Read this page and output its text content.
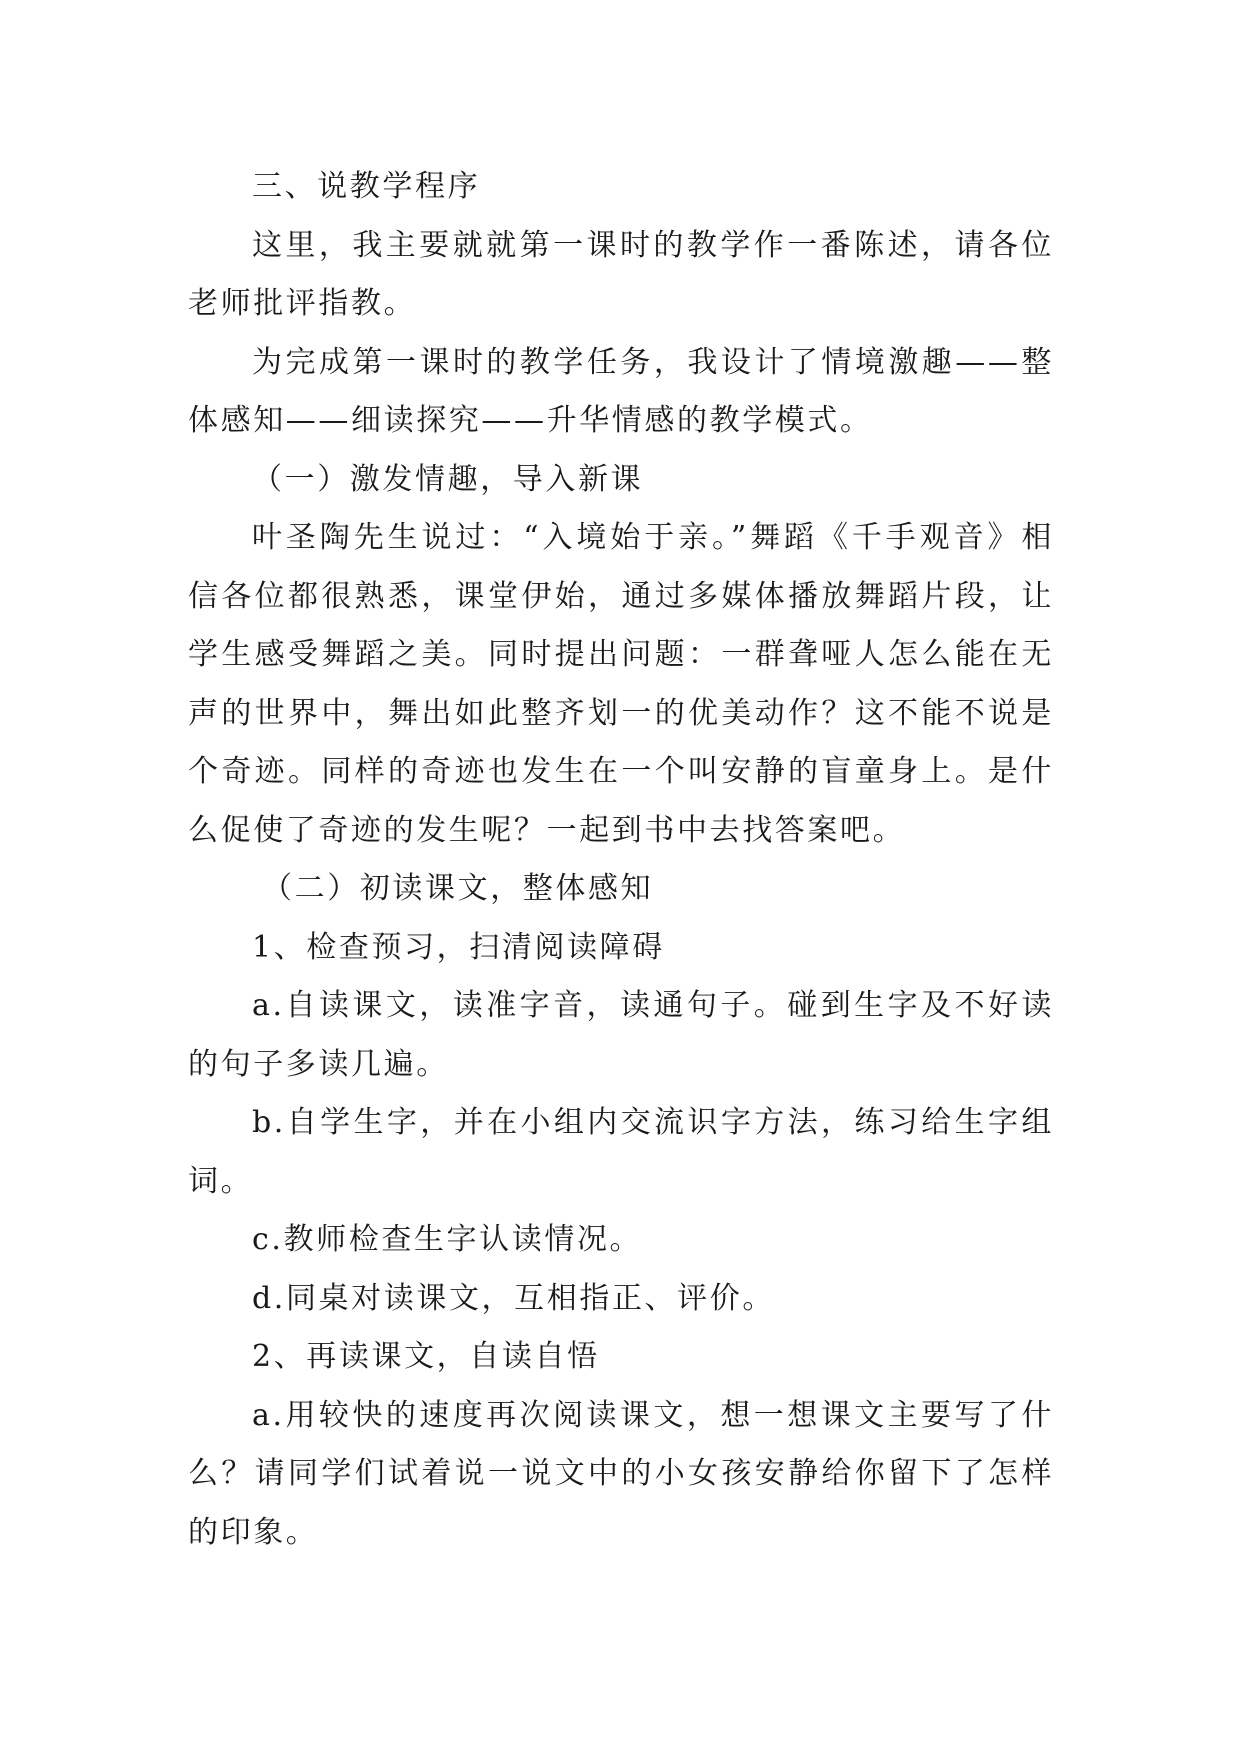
三、说教学程序

这里，我主要就就第一课时的教学作一番陈述，请各位老师批评指教。

为完成第一课时的教学任务，我设计了情境激趣——整体感知——细读探究——升华情感的教学模式。

（一）激发情趣，导入新课

叶圣陶先生说过：“入境始于亲。”舞蹈《千手观音》相信各位都很熟悉，课堂伊始，通过多媒体播放舞蹈片段，让学生感受舞蹈之美。同时提出问题：一群聋哑人怎么能在无声的世界中，舞出如此整齐划一的优美动作？这不能不说是个奇迹。同样的奇迹也发生在一个叫安静的盲童身上。是什么促使了奇迹的发生呢？一起到书中去找答案吧。

（二）初读课文，整体感知

1、检查预习，扫清阅读障碍

a.自读课文，读准字音，读通句子。碰到生字及不好读的句子多读几遍。

b.自学生字，并在小组内交流识字方法，练习给生字组词。

c.教师检查生字认读情况。

d.同桌对读课文，互相指正、评价。

2、再读课文，自读自悟

a.用较快的速度再次阅读课文，想一想课文主要写了什么？请同学们试着说一说文中的小女孩安静给你留下了怎样的印象。
